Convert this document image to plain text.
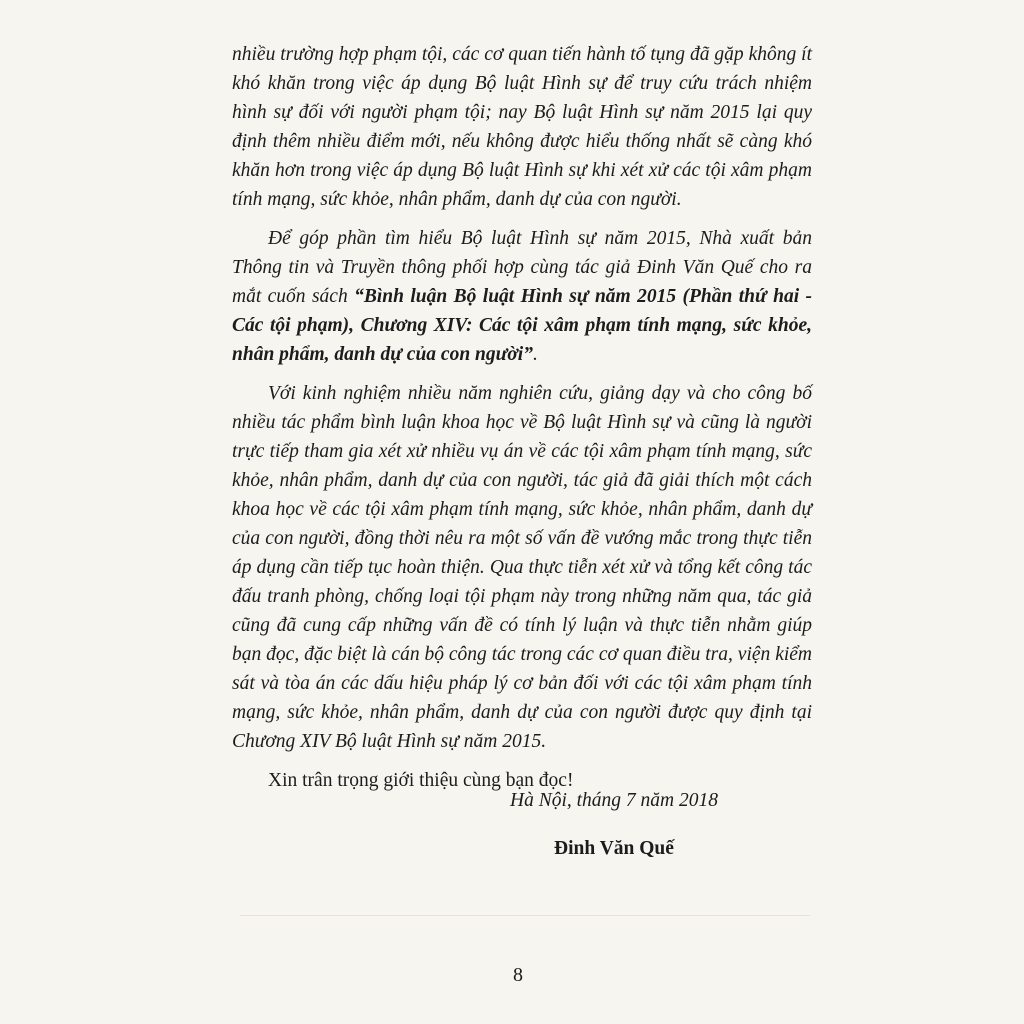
nhiều trường hợp phạm tội, các cơ quan tiến hành tố tụng đã gặp không ít khó khăn trong việc áp dụng Bộ luật Hình sự để truy cứu trách nhiệm hình sự đối với người phạm tội; nay Bộ luật Hình sự năm 2015 lại quy định thêm nhiều điểm mới, nếu không được hiểu thống nhất sẽ càng khó khăn hơn trong việc áp dụng Bộ luật Hình sự khi xét xử các tội xâm phạm tính mạng, sức khỏe, nhân phẩm, danh dự của con người.

Để góp phần tìm hiểu Bộ luật Hình sự năm 2015, Nhà xuất bản Thông tin và Truyền thông phối hợp cùng tác giả Đinh Văn Quế cho ra mắt cuốn sách “Bình luận Bộ luật Hình sự năm 2015 (Phần thứ hai - Các tội phạm), Chương XIV: Các tội xâm phạm tính mạng, sức khỏe, nhân phẩm, danh dự của con người”.

Với kinh nghiệm nhiều năm nghiên cứu, giảng dạy và cho công bố nhiều tác phẩm bình luận khoa học về Bộ luật Hình sự và cũng là người trực tiếp tham gia xét xử nhiều vụ án về các tội xâm phạm tính mạng, sức khỏe, nhân phẩm, danh dự của con người, tác giả đã giải thích một cách khoa học về các tội xâm phạm tính mạng, sức khỏe, nhân phẩm, danh dự của con người, đồng thời nêu ra một số vấn đề vướng mắc trong thực tiễn áp dụng cần tiếp tục hoàn thiện. Qua thực tiễn xét xử và tổng kết công tác đấu tranh phòng, chống loại tội phạm này trong những năm qua, tác giả cũng đã cung cấp những vấn đề có tính lý luận và thực tiễn nhằm giúp bạn đọc, đặc biệt là cán bộ công tác trong các cơ quan điều tra, viện kiểm sát và tòa án các dấu hiệu pháp lý cơ bản đối với các tội xâm phạm tính mạng, sức khỏe, nhân phẩm, danh dự của con người được quy định tại Chương XIV Bộ luật Hình sự năm 2015.

Xin trân trọng giới thiệu cùng bạn đọc!

Hà Nội, tháng 7 năm 2018
Đinh Văn Quế
8
